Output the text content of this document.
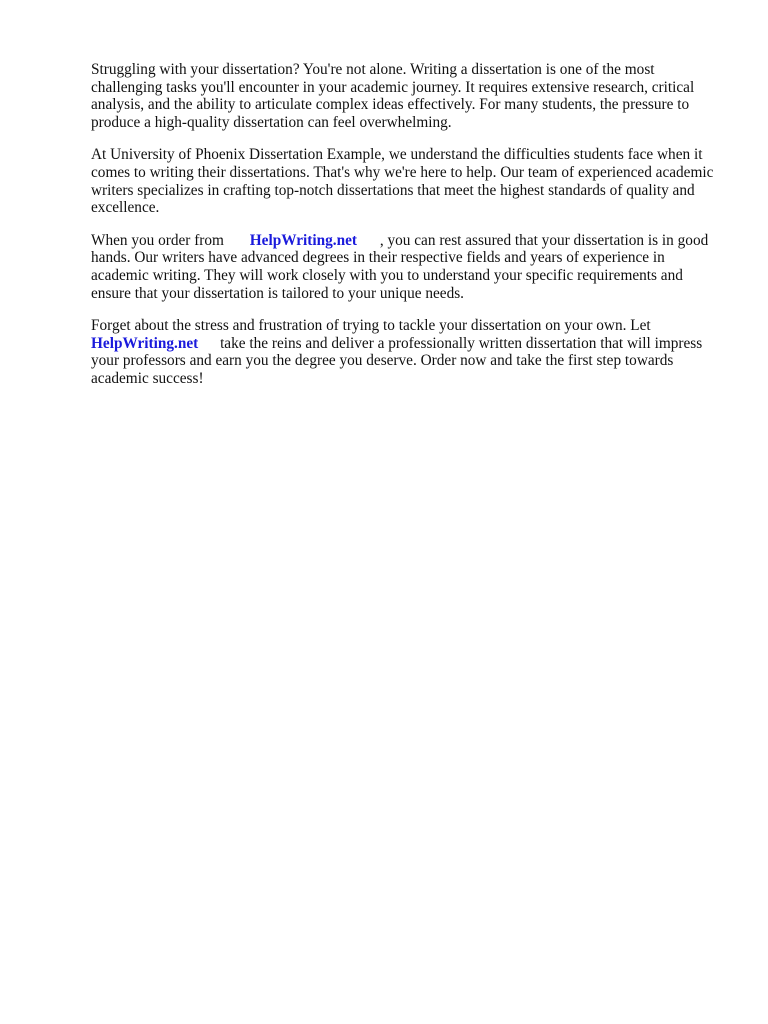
Struggling with your dissertation? You're not alone. Writing a dissertation is one of the most challenging tasks you'll encounter in your academic journey. It requires extensive research, critical analysis, and the ability to articulate complex ideas effectively. For many students, the pressure to produce a high-quality dissertation can feel overwhelming.

At University of Phoenix Dissertation Example, we understand the difficulties students face when it comes to writing their dissertations. That's why we're here to help. Our team of experienced academic writers specializes in crafting top-notch dissertations that meet the highest standards of quality and excellence.

When you order from HelpWriting.net , you can rest assured that your dissertation is in good hands. Our writers have advanced degrees in their respective fields and years of experience in academic writing. They will work closely with you to understand your specific requirements and ensure that your dissertation is tailored to your unique needs.

Forget about the stress and frustration of trying to tackle your dissertation on your own. Let HelpWriting.net take the reins and deliver a professionally written dissertation that will impress your professors and earn you the degree you deserve. Order now and take the first step towards academic success!
